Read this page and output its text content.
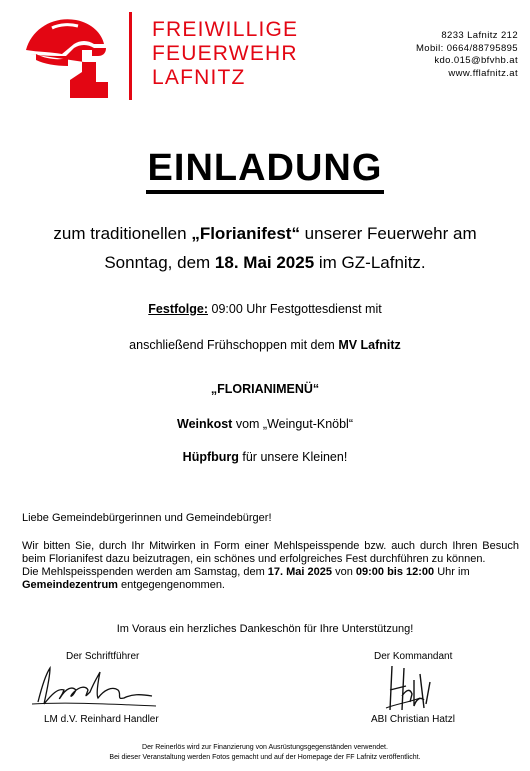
FREIWILLIGE
FEUERWEHR
LAFNITZ
8233 Lafnitz 212
Mobil: 0664/88795895
kdo.015@bfvhb.at
www.fflafnitz.at
EINLADUNG
zum traditionellen „Florianifest“ unserer Feuerwehr am
Sonntag, dem 18. Mai 2025 im GZ-Lafnitz.
Festfolge: 09:00 Uhr Festgottesdienst mit
anschließend Frühschoppen mit dem MV Lafnitz
„FLORIANIMENÜ“
Weinkost vom „Weingut-Knöbl“
Hüpfburg für unsere Kleinen!
Liebe Gemeindebürgerinnen und Gemeindebürger!
Wir bitten Sie, durch Ihr Mitwirken in Form einer Mehlspeisspende bzw. auch durch Ihren Besuch beim Florianifest dazu beizutragen, ein schönes und erfolgreiches Fest durchführen zu können.
Die Mehlspeisspenden werden am Samstag, dem 17. Mai 2025 von 09:00 bis 12:00 Uhr im
Gemeindezentrum entgegengenommen.
Im Voraus ein herzliches Dankeschön für Ihre Unterstützung!
Der Schriftführer	Der Kommandant
LM d.V. Reinhard Handler	ABI Christian Hatzl
Der Reinerlös wird zur Finanzierung von Ausrüstungsgegenständen verwendet.
Bei dieser Veranstaltung werden Fotos gemacht und auf der Homepage der FF Lafnitz veröffentlicht.
